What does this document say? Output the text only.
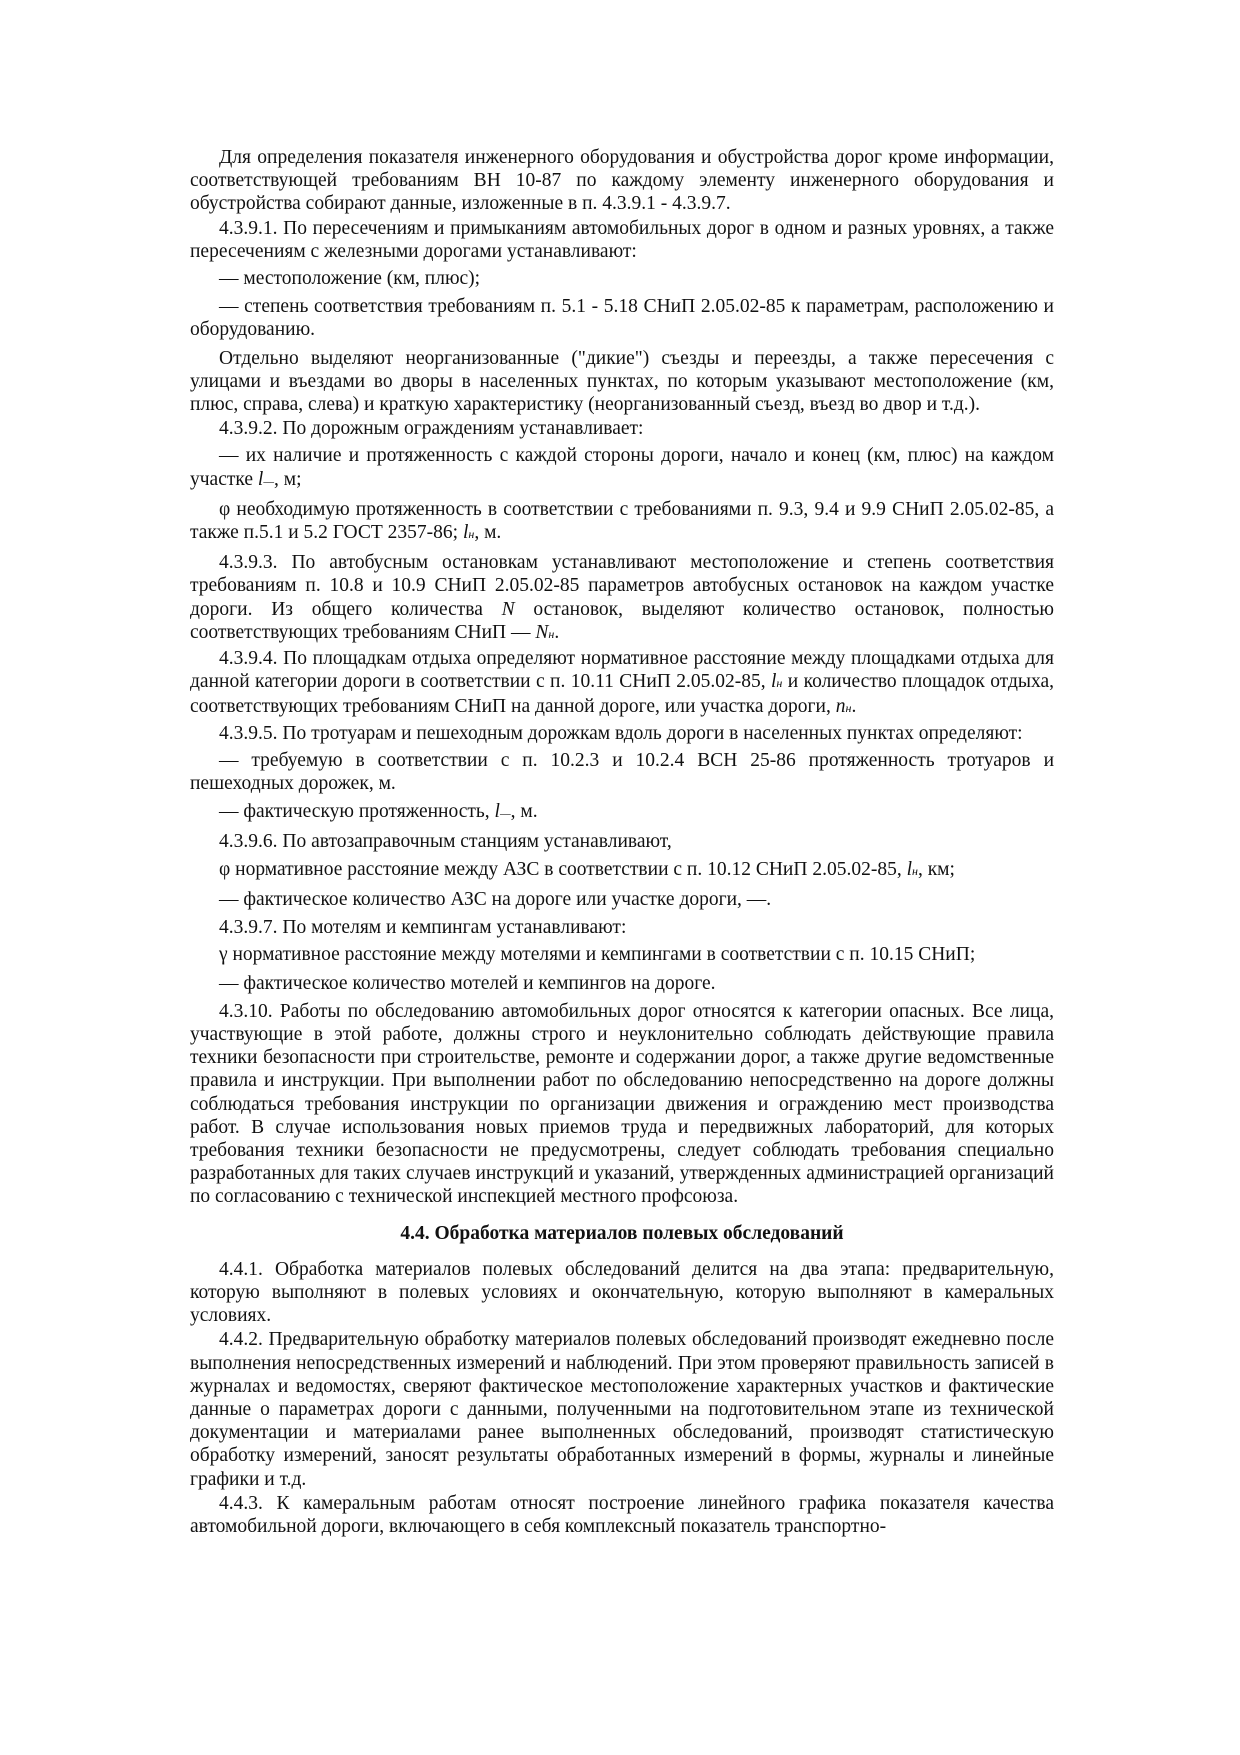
Для определения показателя инженерного оборудования и обустройства дорог кроме информации, соответствующей требованиям ВН 10-87 по каждому элементу инженерного оборудования и обустройства собирают данные, изложенные в п. 4.3.9.1 - 4.3.9.7.

4.3.9.1. По пересечениям и примыканиям автомобильных дорог в одном и разных уровнях, а также пересечениям с железными дорогами устанавливают:

— местоположение (км, плюс);

— степень соответствия требованиям п. 5.1 - 5.18 СНиП 2.05.02-85 к параметрам, расположению и оборудованию.

Отдельно выделяют неорганизованные ("дикие") съезды и переезды, а также пересечения с улицами и въездами во дворы в населенных пунктах, по которым указывают местоположение (км, плюс, справа, слева) и краткую характеристику (неорганизованный съезд, въезд во двор и т.д.).

4.3.9.2. По дорожным ограждениям устанавливает:

— их наличие и протяженность с каждой стороны дороги, начало и конец (км, плюс) на каждом участке l—, м;

φ необходимую протяженность в соответствии с требованиями п. 9.3, 9.4 и 9.9 СНиП 2.05.02-85, а также п.5.1 и 5.2 ГОСТ 2357-86; lн, м.

4.3.9.3. По автобусным остановкам устанавливают местоположение и степень соответствия требованиям п. 10.8 и 10.9 СНиП 2.05.02-85 параметров автобусных остановок на каждом участке дороги. Из общего количества N остановок, выделяют количество остановок, полностью соответствующих требованиям СНиП — Nн.

4.3.9.4. По площадкам отдыха определяют нормативное расстояние между площадками отдыха для данной категории дороги в соответствии с п. 10.11 СНиП 2.05.02-85, lн и количество площадок отдыха, соответствующих требованиям СНиП на данной дороге, или участка дороги, nн.

4.3.9.5. По тротуарам и пешеходным дорожкам вдоль дороги в населенных пунктах определяют:

— требуемую в соответствии с п. 10.2.3 и 10.2.4 ВСН 25-86 протяженность тротуаров и пешеходных дорожек, м.

— фактическую протяженность, l—, м.

4.3.9.6. По автозаправочным станциям устанавливают,

φ нормативное расстояние между АЗС в соответствии с п. 10.12 СНиП 2.05.02-85, lн, км;

— фактическое количество АЗС на дороге или участке дороги, —.

4.3.9.7. По мотелям и кемпингам устанавливают:

γ нормативное расстояние между мотелями и кемпингами в соответствии с п. 10.15 СНиП;

— фактическое количество мотелей и кемпингов на дороге.

4.3.10. Работы по обследованию автомобильных дорог относятся к категории опасных. Все лица, участвующие в этой работе, должны строго и неуклонительно соблюдать действующие правила техники безопасности при строительстве, ремонте и содержании дорог, а также другие ведомственные правила и инструкции. При выполнении работ по обследованию непосредственно на дороге должны соблюдаться требования инструкции по организации движения и ограждению мест производства работ. В случае использования новых приемов труда и передвижных лабораторий, для которых требования техники безопасности не предусмотрены, следует соблюдать требования специально разработанных для таких случаев инструкций и указаний, утвержденных администрацией организаций по согласованию с технической инспекцией местного профсоюза.

4.4. Обработка материалов полевых обследований

4.4.1. Обработка материалов полевых обследований делится на два этапа: предварительную, которую выполняют в полевых условиях и окончательную, которую выполняют в камеральных условиях.

4.4.2. Предварительную обработку материалов полевых обследований производят ежедневно после выполнения непосредственных измерений и наблюдений. При этом проверяют правильность записей в журналах и ведомостях, сверяют фактическое местоположение характерных участков и фактические данные о параметрах дороги с данными, полученными на подготовительном этапе из технической документации и материалами ранее выполненных обследований, производят статистическую обработку измерений, заносят результаты обработанных измерений в формы, журналы и линейные графики и т.д.

4.4.3. К камеральным работам относят построение линейного графика показателя качества автомобильной дороги, включающего в себя комплексный показатель транспортно-
